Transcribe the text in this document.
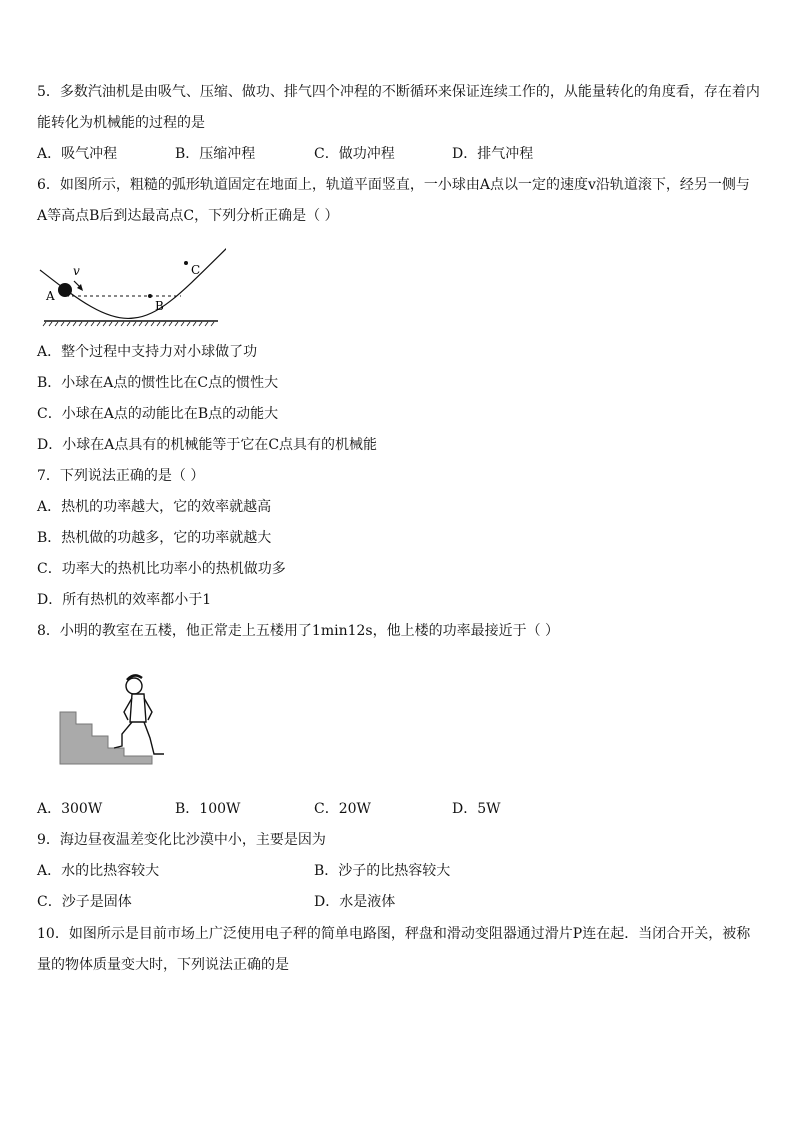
5．多数汽油机是由吸气、压缩、做功、排气四个冲程的不断循环来保证连续工作的，从能量转化的角度看，存在着内
能转化为机械能的过程的是
A．吸气冲程	B．压缩冲程	C．做功冲程	D．排气冲程
6．如图所示，粗糙的弧形轨道固定在地面上，轨道平面竖直，一小球由A点以一定的速度v沿轨道滚下，经另一侧与
A等高点B后到达最高点C，下列分析正确是（ ）
v
A
B
C
A．整个过程中支持力对小球做了功
B．小球在A点的惯性比在C点的惯性大
C．小球在A点的动能比在B点的动能大
D．小球在A点具有的机械能等于它在C点具有的机械能
7．下列说法正确的是（ ）
A．热机的功率越大，它的效率就越高
B．热机做的功越多，它的功率就越大
C．功率大的热机比功率小的热机做功多
D．所有热机的效率都小于1
8．小明的教室在五楼，他正常走上五楼用了1min12s，他上楼的功率最接近于（ ）
A．300W	B．100W	C．20W	D．5W
9．海边昼夜温差变化比沙漠中小，主要是因为
A．水的比热容较大	B．沙子的比热容较大
C．沙子是固体	D．水是液体
10．如图所示是目前市场上广泛使用电子秤的简单电路图，秤盘和滑动变阻器通过滑片P连在起．当闭合开关，被称
量的物体质量变大时，下列说法正确的是
